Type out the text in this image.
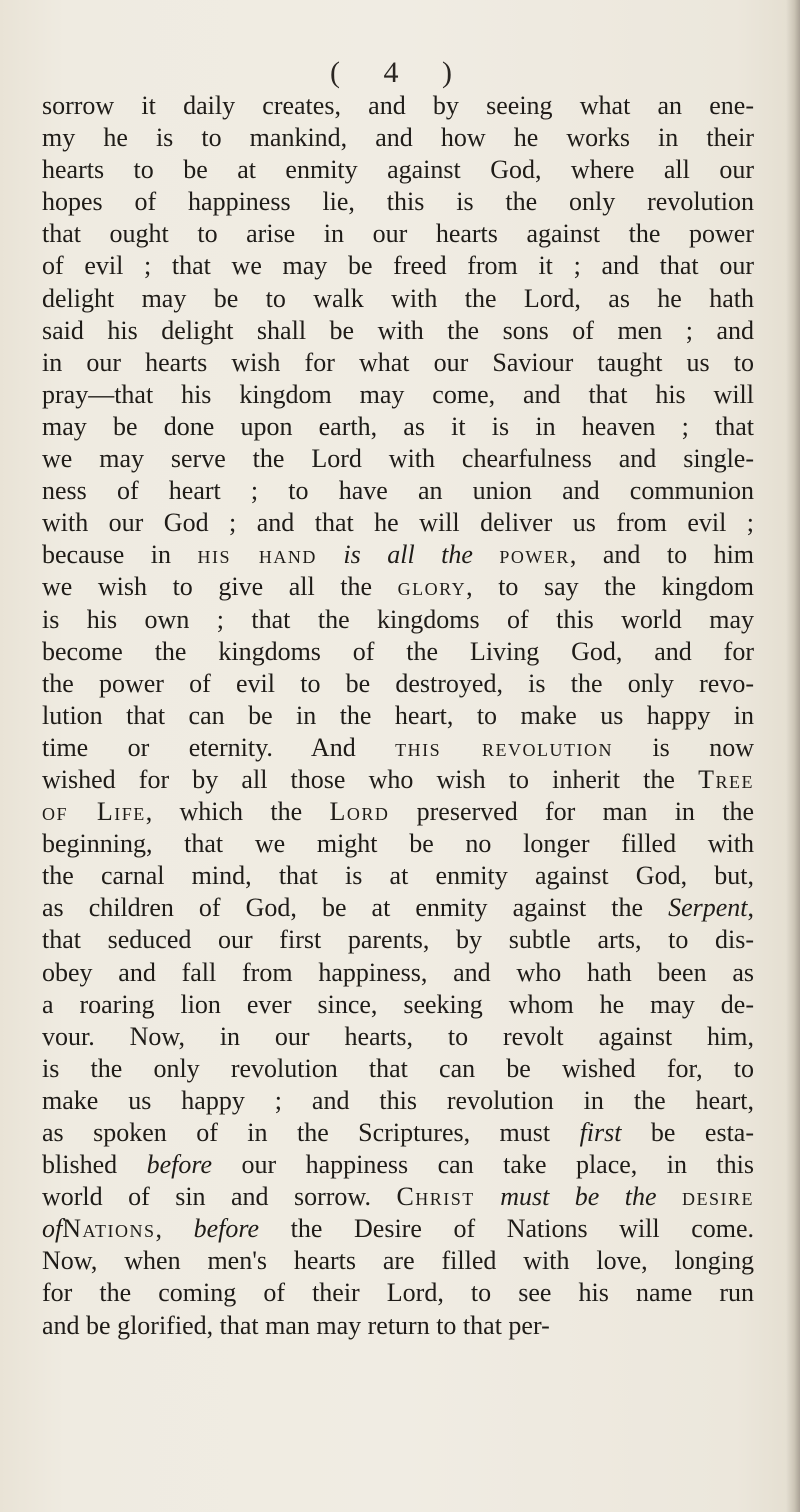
( 4 )
sorrow it daily creates, and by seeing what an ene-
my he is to mankind, and how he works in their
hearts to be at enmity against God, where all our
hopes of happiness lie, this is the only revolution
that ought to arise in our hearts against the power
of evil ; that we may be freed from it ; and that our
delight may be to walk with the Lord, as he hath
said his delight shall be with the sons of men ; and
in our hearts wish for what our Saviour taught us to
pray—that his kingdom may come, and that his will
may be done upon earth, as it is in heaven ; that
we may serve the Lord with chearfulness and single-
ness of heart ; to have an union and communion
with our God ; and that he will deliver us from evil ;
because in his hand is all the power, and to him
we wish to give all the glory, to say the kingdom
is his own ; that the kingdoms of this world may
become the kingdoms of the Living God, and for
the power of evil to be destroyed, is the only revo-
lution that can be in the heart, to make us happy in
time or eternity. And this revolution is now
wished for by all those who wish to inherit the Tree
of Life, which the Lord preserved for man in the
beginning, that we might be no longer filled with
the carnal mind, that is at enmity against God, but,
as children of God, be at enmity against the Serpent,
that seduced our first parents, by subtle arts, to dis-
obey and fall from happiness, and who hath been as
a roaring lion ever since, seeking whom he may de-
vour. Now, in our hearts, to revolt against him,
is the only revolution that can be wished for, to
make us happy ; and this revolution in the heart,
as spoken of in the Scriptures, must first be esta-
blished before our happiness can take place, in this
world of sin and sorrow. Christ must be the desire
ofNations, before the Desire of Nations will come.
Now, when men's hearts are filled with love, longing
for the coming of their Lord, to see his name run
and be glorified, that man may return to that per-
